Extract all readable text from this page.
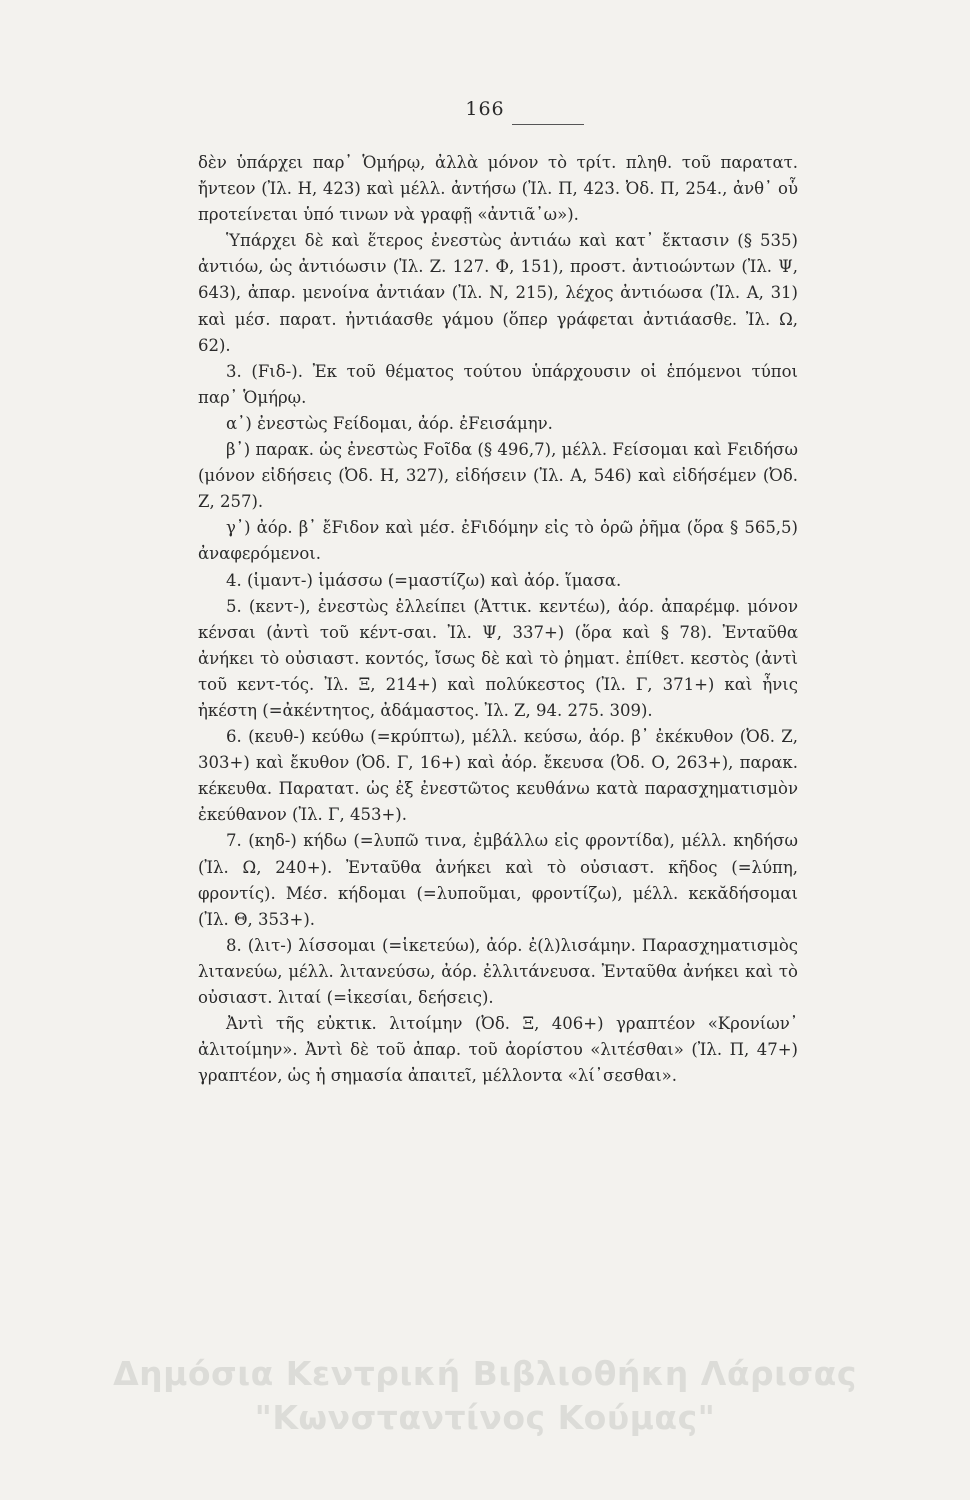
166

δὲν ὑπάρχει παρ᾿ Ὁμήρῳ, ἀλλὰ μόνον τὸ τρίτ. πληθ. τοῦ παρατατ. ἤντεον (Ἰλ. Η, 423) καὶ μέλλ. ἀντήσω (Ἰλ. Π, 423. Ὀδ. Π, 254., ἀνθ᾿ οὗ προτείνεται ὑπό τινων νὰ γραφῇ «ἀντιᾶ᾿ω»).

Ὑπάρχει δὲ καὶ ἕτερος ἐνεστὼς ἀντιάω καὶ κατ᾿ ἔκτασιν (§ 535) ἀντιόω, ὡς ἀντιόωσιν (Ἰλ. Ζ. 127. Φ, 151), προστ. ἀντιοώντων (Ἰλ. Ψ, 643), ἀπαρ. μενοίνα ἀντιάαν (Ἰλ. Ν, 215), λέχος ἀντιόωσα (Ἰλ. Α, 31) καὶ μέσ. παρατ. ἠντιάασθε γάμου (ὅπερ γράφεται ἀντιάασθε. Ἰλ. Ω, 62).

3. (Fιδ-). Ἐκ τοῦ θέματος τούτου ὑπάρχουσιν οἱ ἑπόμενοι τύποι παρ᾿ Ὁμήρῳ.

α᾿) ἐνεστὼς Fείδομαι, ἀόρ. ἐFεισάμην.

β᾿) παρακ. ὡς ἐνεστὼς Fοῖδα (§ 496,7), μέλλ. Fείσομαι καὶ Fειδήσω (μόνον εἰδήσεις (Ὀδ. Η, 327), εἰδήσειν (Ἰλ. Α, 546) καὶ εἰδήσέμεν (Ὀδ. Ζ, 257).

γ᾿) ἀόρ. β᾿ ἔFιδον καὶ μέσ. ἐFιδόμην εἰς τὸ ὁρῶ ῥῆμα (ὅρα § 565,5) ἀναφερόμενοι.

4. (ἱμαντ-) ἱμάσσω (=μαστίζω) καὶ ἀόρ. ἵμασα.

5. (κεντ-), ἐνεστὼς ἐλλείπει (Ἀττικ. κεντέω), ἀόρ. ἀπαρέμφ. μόνον κένσαι (ἀντὶ τοῦ κέντ-σαι. Ἰλ. Ψ, 337+) (ὅρα καὶ § 78). Ἐνταῦθα ἀνήκει τὸ οὐσιαστ. κοντός, ἴσως δὲ καὶ τὸ ῥηματ. ἐπίθετ. κεστὸς (ἀντὶ τοῦ κεντ-τός. Ἰλ. Ξ, 214+) καὶ πολύκεστος (Ἰλ. Γ, 371+) καὶ ἦνις ἠκέστη (=ἀκέντητος, ἀδάμαστος. Ἰλ. Ζ, 94. 275. 309).

6. (κευθ-) κεύθω (=κρύπτω), μέλλ. κεύσω, ἀόρ. β᾿ ἐκέκυθον (Ὀδ. Ζ, 303+) καὶ ἔκυθον (Ὀδ. Γ, 16+) καὶ ἀόρ. ἔκευσα (Ὀδ. Ο, 263+), παρακ. κέκευθα. Παρατατ. ὡς ἐξ ἐνεστῶτος κευθάνω κατὰ παρασχηματισμὸν ἐκεύθανον (Ἰλ. Γ, 453+).

7. (κηδ-) κήδω (=λυπῶ τινα, ἐμβάλλω εἰς φροντίδα), μέλλ. κηδήσω (Ἰλ. Ω, 240+). Ἐνταῦθα ἀνήκει καὶ τὸ οὐσιαστ. κῆδος (=λύπη, φροντίς). Μέσ. κήδομαι (=λυποῦμαι, φροντίζω), μέλλ. κεκᾰδήσομαι (Ἰλ. Θ, 353+).

8. (λιτ-) λίσσομαι (=ἱκετεύω), ἀόρ. ἐ(λ)λισάμην. Παρασχηματισμὸς λιτανεύω, μέλλ. λιτανεύσω, ἀόρ. ἐλλιτάνευσα. Ἐνταῦθα ἀνήκει καὶ τὸ οὐσιαστ. λιταί (=ἱκεσίαι, δεήσεις).

Ἀντὶ τῆς εὐκτικ. λιτοίμην (Ὀδ. Ξ, 406+) γραπτέον «Κρονίων᾿ ἀλιτοίμην». Ἀντὶ δὲ τοῦ ἀπαρ. τοῦ ἀορίστου «λιτέσθαι» (Ἰλ. Π, 47+) γραπτέον, ὡς ἡ σημασία ἀπαιτεῖ, μέλλοντα «λί᾿σεσθαι».

Δημόσια Κεντρική Βιβλιοθήκη Λάρισας
"Κωνσταντίνος Κούμας"
